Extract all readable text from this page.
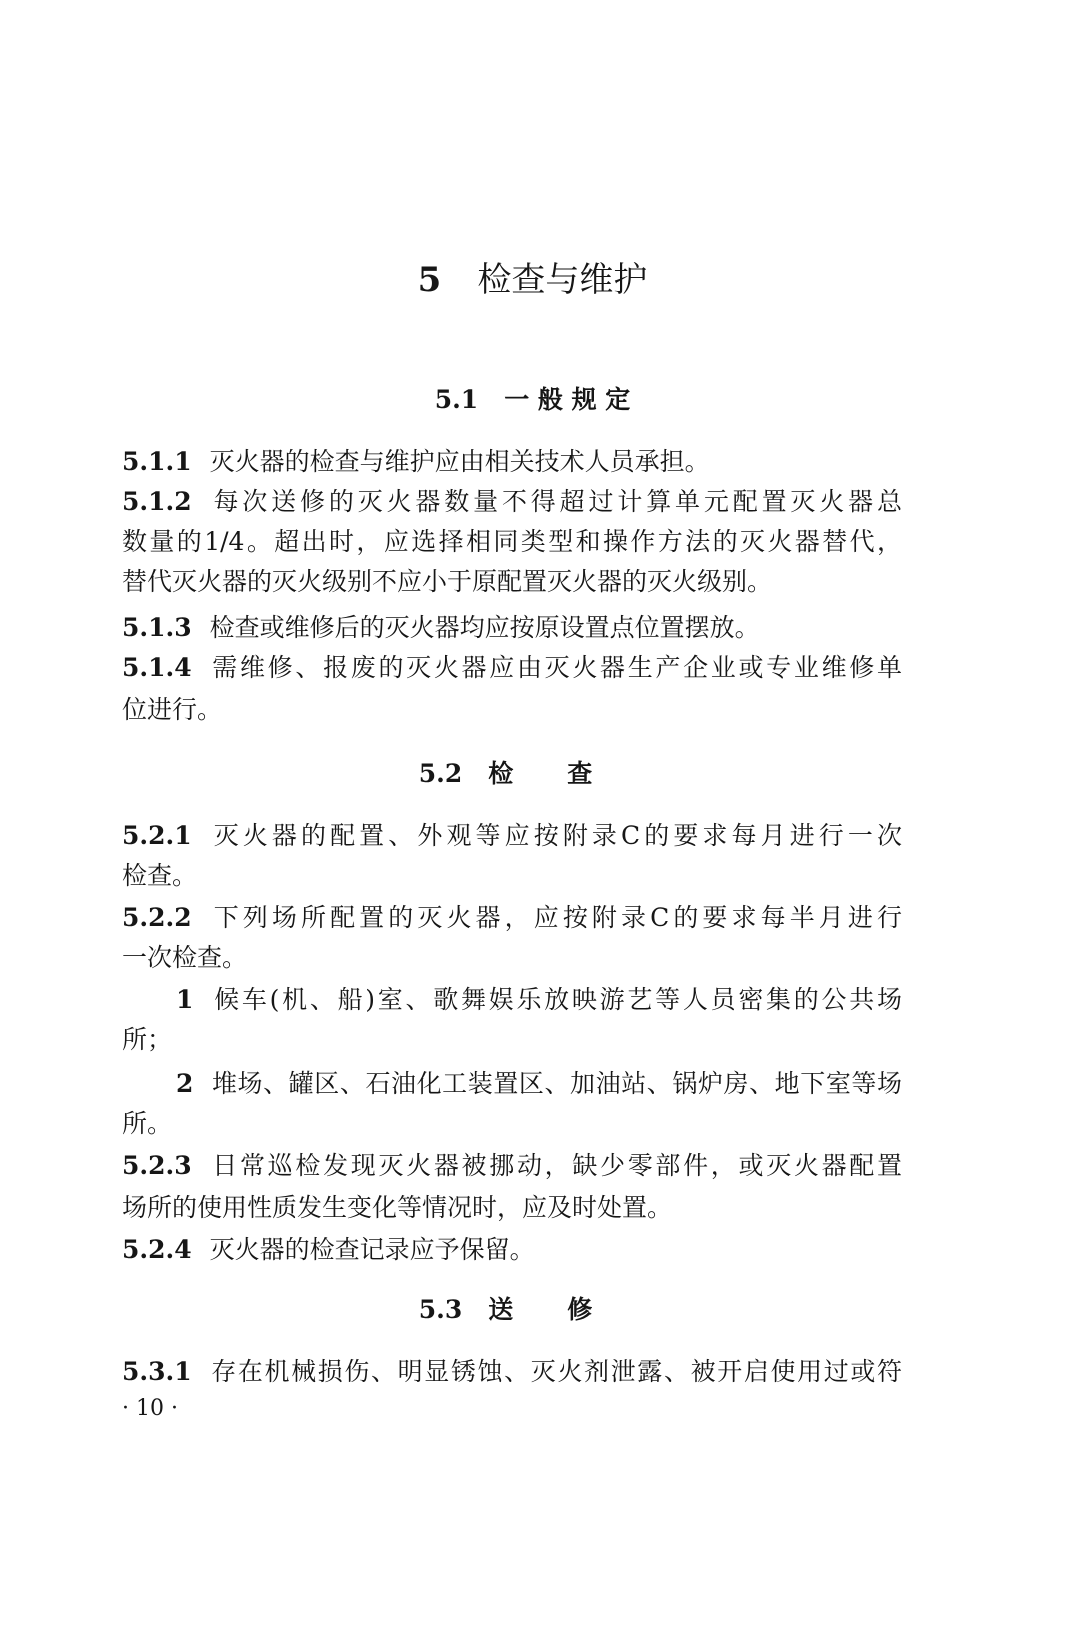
5 检查与维护
5.1 一 般 规 定
5.1.1 灭火器的检查与维护应由相关技术人员承担。
5.1.2 每次送修的灭火器数量不得超过计算单元配置灭火器总
数量的1/4。超出时，应选择相同类型和操作方法的灭火器替代，
替代灭火器的灭火级别不应小于原配置灭火器的灭火级别。
5.1.3 检查或维修后的灭火器均应按原设置点位置摆放。
5.1.4 需维修、报废的灭火器应由灭火器生产企业或专业维修单
位进行。
5.2 检查
5.2.1 灭火器的配置、外观等应按附录C的要求每月进行一次
检查。
5.2.2 下列场所配置的灭火器，应按附录C的要求每半月进行
一次检查。
1 候车(机、船)室、歌舞娱乐放映游艺等人员密集的公共场
所；
2 堆场、罐区、石油化工装置区、加油站、锅炉房、地下室等场
所。
5.2.3 日常巡检发现灭火器被挪动，缺少零部件，或灭火器配置
场所的使用性质发生变化等情况时，应及时处置。
5.2.4 灭火器的检查记录应予保留。
5.3 送修
5.3.1 存在机械损伤、明显锈蚀、灭火剂泄露、被开启使用过或符
· 10 ·
